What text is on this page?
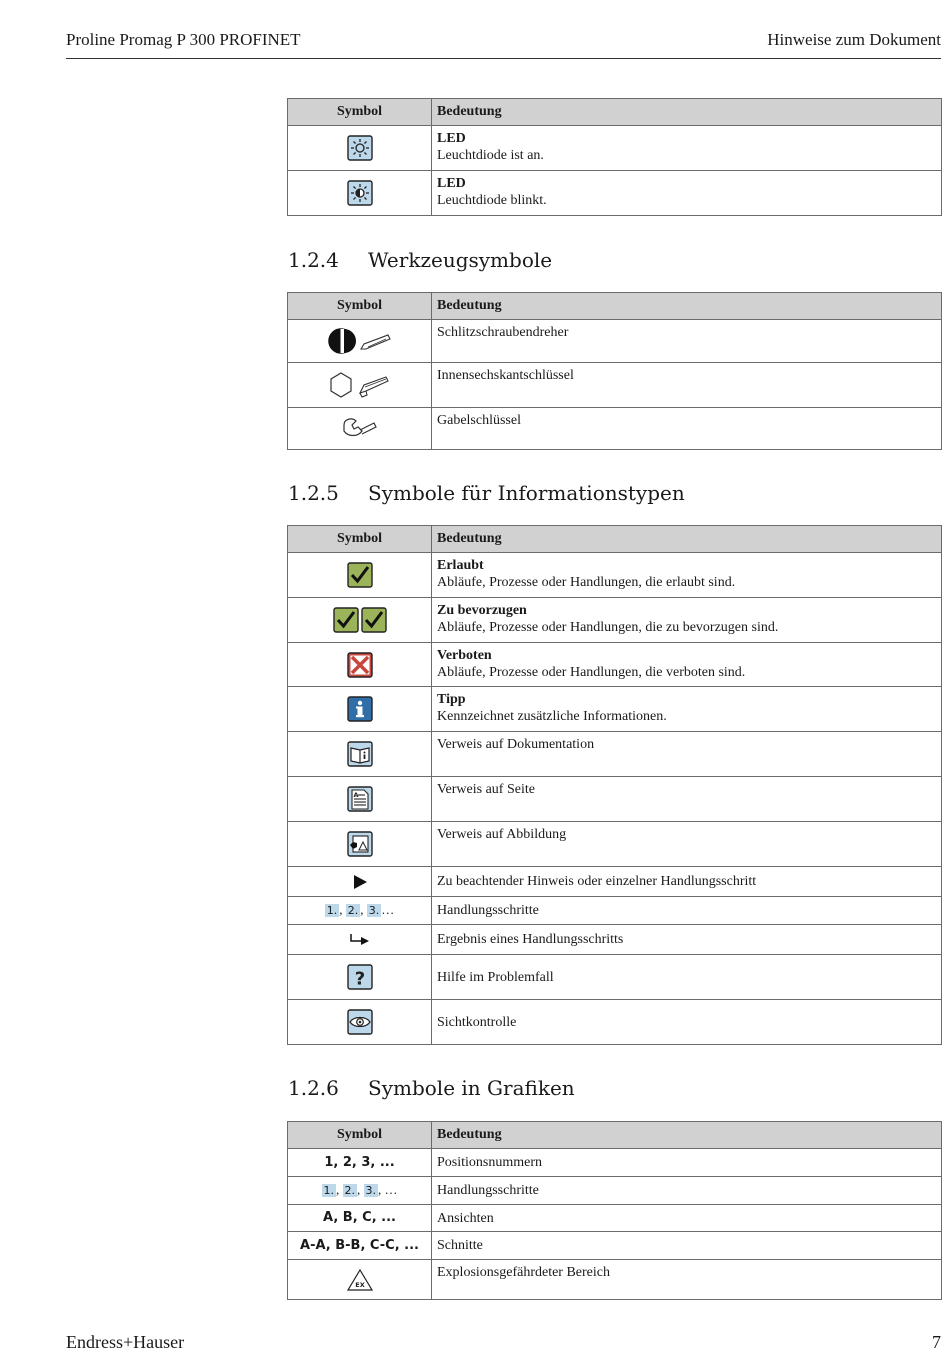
Proline Promag P 300 PROFINET	Hinweise zum Dokument
Symbol	Bedeutung

LED
Leuchtdiode ist an.

LED
Leuchtdiode blinkt.
1.2.4 Werkzeugsymbole
Symbol	Bedeutung

Schlitzschraubendreher

Innensechskantschlüssel

Gabelschlüssel
1.2.5 Symbole für Informationstypen
Symbol	Bedeutung

Erlaubt
Abläufe, Prozesse oder Handlungen, die erlaubt sind.

Zu bevorzugen
Abläufe, Prozesse oder Handlungen, die zu bevorzugen sind.

Verboten
Abläufe, Prozesse oder Handlungen, die verboten sind.

Tipp
Kennzeichnet zusätzliche Informationen.

Verweis auf Dokumentation

A	Verweis auf Seite

Verweis auf Abbildung

Zu beachtender Hinweis oder einzelner Handlungsschritt

1. , 2. , 3. …	Handlungsschritte

Ergebnis eines Handlungsschritts

?	Hilfe im Problemfall

Sichtkontrolle
1.2.6 Symbole in Grafiken
Symbol	Bedeutung
1, 2, 3, ...	Positionsnummern

1. , 2. , 3. , …	Handlungsschritte

A, B, C, ...	Ansichten

A-A, B-B, C-C, ...	Schnitte

EX	Explosionsgefährdeter Bereich
Endress+Hauser	7
